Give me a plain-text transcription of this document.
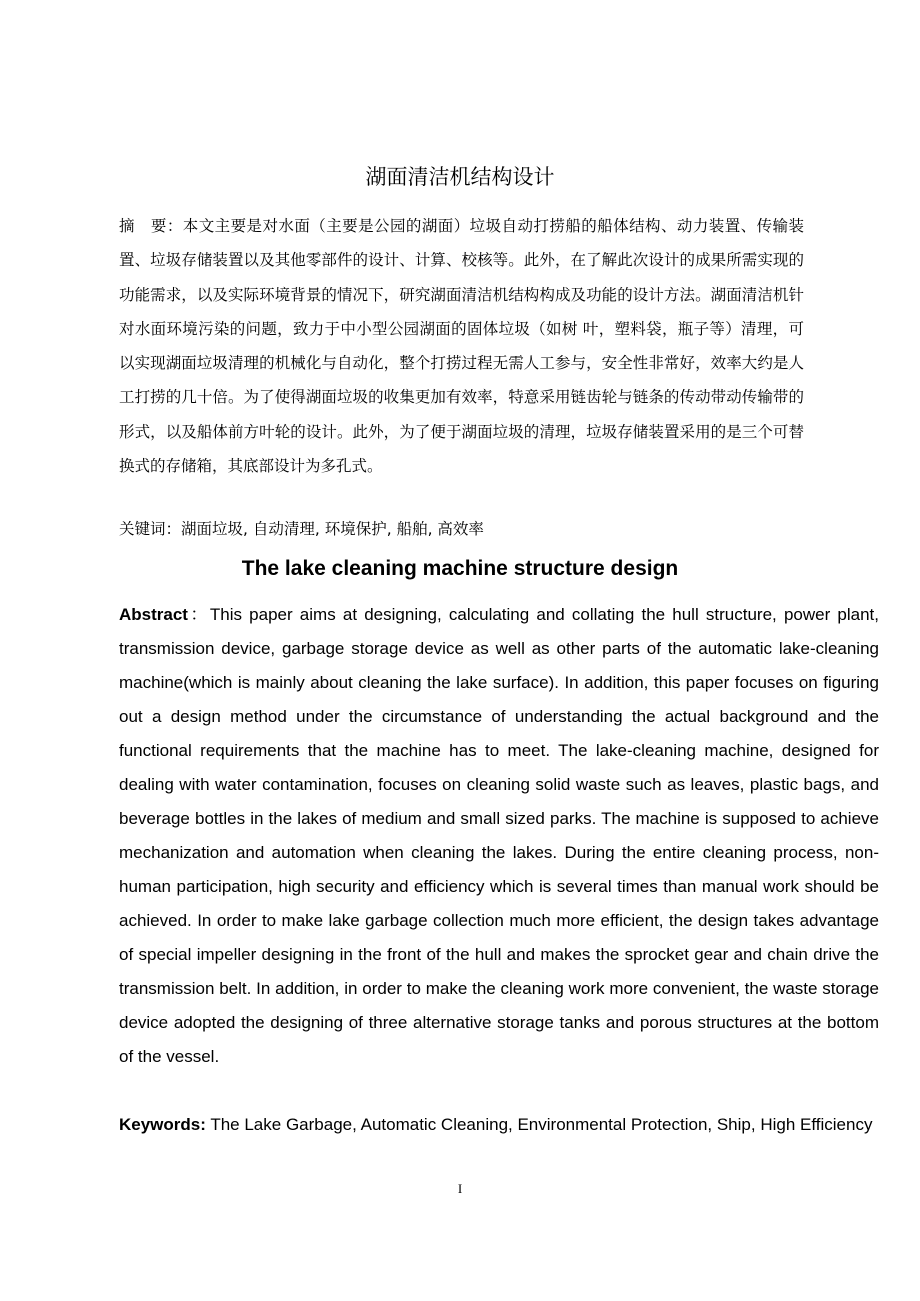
湖面清洁机结构设计
摘　要：本文主要是对水面（主要是公园的湖面）垃圾自动打捞船的船体结构、动力装置、传输装置、垃圾存储装置以及其他零部件的设计、计算、校核等。此外，在了解此次设计的成果所需实现的功能需求，以及实际环境背景的情况下，研究湖面清洁机结构构成及功能的设计方法。湖面清洁机针对水面环境污染的问题，致力于中小型公园湖面的固体垃圾（如树 叶，塑料袋，瓶子等）清理，可以实现湖面垃圾清理的机械化与自动化，整个打捞过程无需人工参与，安全性非常好，效率大约是人工打捞的几十倍。为了使得湖面垃圾的收集更加有效率，特意采用链齿轮与链条的传动带动传输带的形式，以及船体前方叶轮的设计。此外，为了便于湖面垃圾的清理，垃圾存储装置采用的是三个可替换式的存储箱，其底部设计为多孔式。
关键词：湖面垃圾, 自动清理, 环境保护, 船舶, 高效率
The lake cleaning machine structure design
Abstract：This paper aims at designing, calculating and collating the hull structure, power plant, transmission device, garbage storage device as well as other parts of the automatic lake-cleaning machine(which is mainly about cleaning the lake surface). In addition, this paper focuses on figuring out a design method under the circumstance of understanding the actual background and the functional requirements that the machine has to meet. The lake-cleaning machine, designed for dealing with water contamination, focuses on cleaning solid waste such as leaves, plastic bags, and beverage bottles in the lakes of medium and small sized parks. The machine is supposed to achieve mechanization and automation when cleaning the lakes. During the entire cleaning process, non-human participation, high security and efficiency which is several times than manual work should be achieved. In order to make lake garbage collection much more efficient, the design takes advantage of special impeller designing in the front of the hull and makes the sprocket gear and chain drive the transmission belt. In addition, in order to make the cleaning work more convenient, the waste storage device adopted the designing of three alternative storage tanks and porous structures at the bottom of the vessel.
Keywords: The Lake Garbage, Automatic Cleaning, Environmental Protection, Ship, High Efficiency
I
